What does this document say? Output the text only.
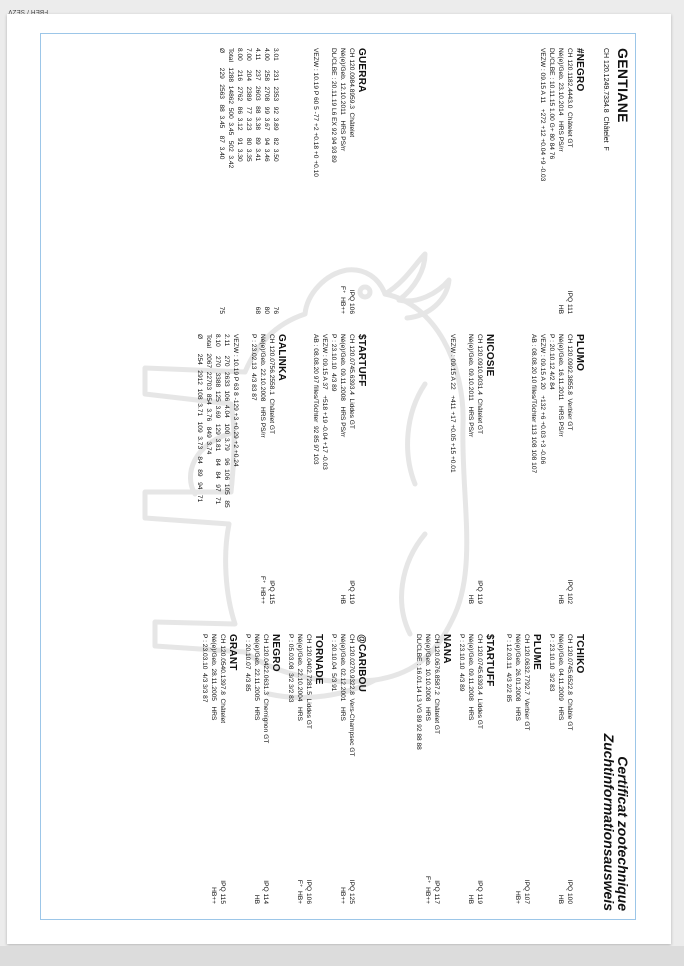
FBEH / SEZV
Certificat zootechnique
Zuchtinformationsausweis
GENTIANE
CH 120.1249.7334.8  Châtelet  F
#NEGRO
CH 120.1182.4443.0  Châtelet GT
Né(e)/Geb. 23.10.2014   HRS PS/rr
DL/CLBE : 10.11.15 1.00 G+ 80 84 76
VEZW : 09.15 A 11   +272 +12 +0.04 +9 -0.03
IPQ 111
HB
GUERRA
CH 120.0984.8959.3  Châtelet
Né(e)/Geb. 12.10.2011   HRS PS/rr
DL/CLBE : 20.11.19 L6 EX 92 94 93 89
VEZW : 10.19 P 60 5 -77 +2 +0.18 +0 +0.10
IPQ 106
F⁺  HB++
3.01     231   2353   92  3.89    82  3.50
4.00     258   2708   99  3.67    94  3.46
4.11     237   2603   88  3.38    89  3.41
7.00     204   2389   77  3.23    80  3.35
8.00     216   2762   86  3.12    91  3.30
Total   1288  14862  500  3.45   502  3.42
Ø        229   2563   88  3.45    87  3.40
76
80
68
75
PLUMO
CH 120.0992.3855.8  Verbier GT
Né(e)/Geb. 16.11.2011   HRS PS/rr
P : 20.10.12 4/2 84
VEZW : 09.15 A 20   +132 +6 +0.03 +3 -0.06
AB : 08.08.20 10 filles/Töchter 113 108 108 107
IPQ 102
HB
NICOSIE
CH 120.0910.9031.4  Châtelet GT
Né(e)/Geb. 09.10.2011   HRS PS/rr
VEZW : 09.15 A 22   +411 +17 +0.05 +15 +0.01
IPQ 119
HB
$TARTUFF
CH 120.0745.6393.4  Liddes GT
Né(e)/Geb. 09.11.2008   HRS PS/rr
P : 23.10.10  4/3 89
VEZW : 09.15 A 37   +518 +19 -0.04 +17 -0.03
AB : 08.08.20 97 filles/Töchter  92 85 97 103
IPQ 119
HB
GALINKA
CH 120.0756.2558.1  Châtelet GT
Né(e)/Geb. 22.10.2008   HRS PS/rr
P : 23.02.13  4/3 83 87
VEZW : 10.19 P 63 8 -129 +3 +0.29 +2 +0.24
IPQ 115
F⁺  HB++
2.11     270   2633  106  4.04   100  3.79    96  106  105   85
8.10     270   3388  125  3.69   129  3.81    84   84   97   71
Total   2067  22703  854  3.76   849  3.74
Ø        254   2912  108  3.71   109  3.73    84   89   94   71
TCHIKO
CH 120.0745.6522.8  Châble GT
Né(e)/Geb. 04.11.2009   HRS
P : 23.10.10  3/2 83
IPQ 100
HB
PLUME
CH 120.0632.7792.7  Verbier GT
Né(e)/Geb. 26.01.2008   HRS
P : 12.03.11  4/3 2/2 85
IPQ 107
HB+
$TARTUFF
CH 120.0745.6393.4  Liddes GT
Né(e)/Geb. 09.11.2008   HRS
P : 23.10.10  4/3 89
IPQ 119
HB
NANA
CH 120.0676.8587.2  Châtelet GT
Né(e)/Geb. 10.10.2008   HRS
DL/CLBE : 16.01.14 L3 VG 89 92 88 88
IPQ 117
F⁺  HB++
@CARIBOU
CH 120.0270.9322.8  Vers-Champsec GT
Né(e)/Geb. 02.12.2001   HRS
P : 20.10.04  5/3 91
IPQ 125
HB++
TORNADE
CH 120.0402.7281.5  Liddes GT
Né(e)/Geb. 22.10.2004   HRS
P : 05.03.08  3/2 3/2 83
IPQ 106
F⁺  HB+
NEGRO
CH 120.0422.0631.3  Chemignon GT
Né(e)/Geb. 22.11.2005   HRS
P : 20.10.07  4/3 85
IPQ 114
HB
GRANT
CH 120.0540.1397.8  Châtelet
Né(e)/Geb. 28.11.2005   HRS
P : 23.03.10  4/3 3/3 87
IPQ 115
HB++
